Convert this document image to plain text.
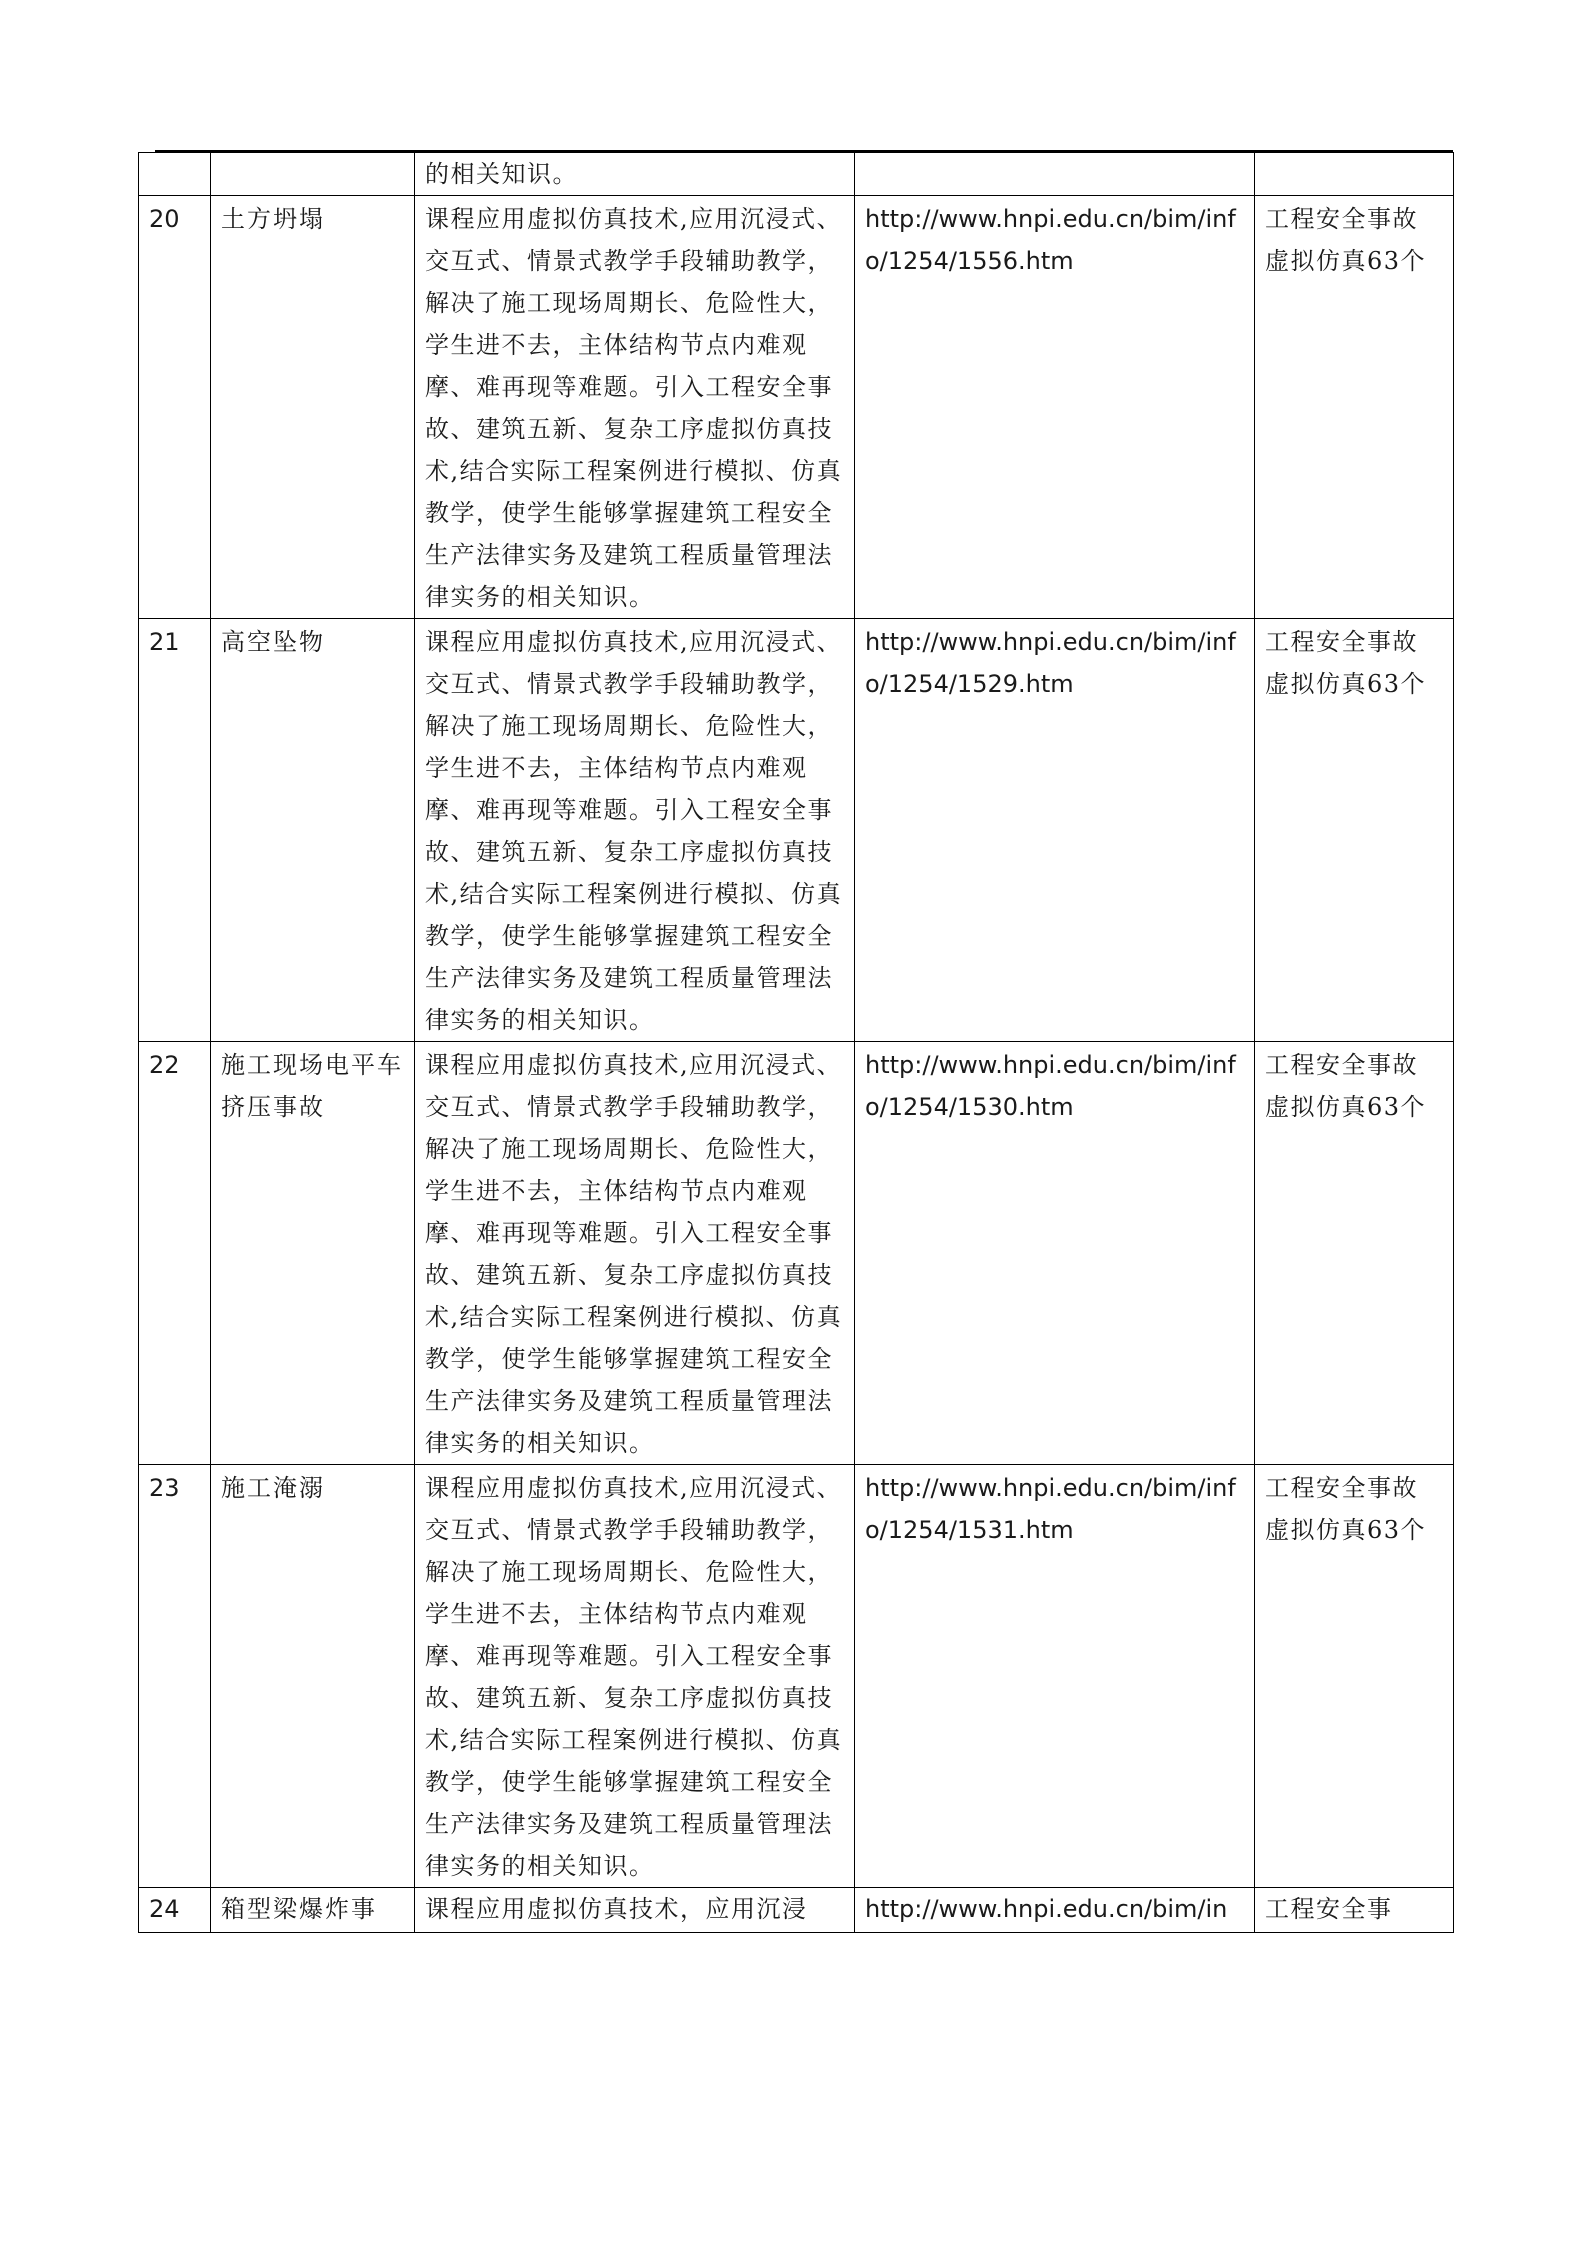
		的相关知识。		
20	土方坍塌	课程应用虚拟仿真技术,应用沉浸式、交互式、情景式教学手段辅助教学，解决了施工现场周期长、危险性大，学生进不去，主体结构节点内难观摩、难再现等难题。引入工程安全事故、建筑五新、复杂工序虚拟仿真技术,结合实际工程案例进行模拟、仿真教学，使学生能够掌握建筑工程安全生产法律实务及建筑工程质量管理法律实务的相关知识。	http://www.hnpi.edu.cn/bim/info/1254/1556.htm	工程安全事故虚拟仿真63个
21	高空坠物	课程应用虚拟仿真技术,应用沉浸式、交互式、情景式教学手段辅助教学，解决了施工现场周期长、危险性大，学生进不去，主体结构节点内难观摩、难再现等难题。引入工程安全事故、建筑五新、复杂工序虚拟仿真技术,结合实际工程案例进行模拟、仿真教学，使学生能够掌握建筑工程安全生产法律实务及建筑工程质量管理法律实务的相关知识。	http://www.hnpi.edu.cn/bim/info/1254/1529.htm	工程安全事故虚拟仿真63个
22	施工现场电平车挤压事故	课程应用虚拟仿真技术,应用沉浸式、交互式、情景式教学手段辅助教学，解决了施工现场周期长、危险性大，学生进不去，主体结构节点内难观摩、难再现等难题。引入工程安全事故、建筑五新、复杂工序虚拟仿真技术,结合实际工程案例进行模拟、仿真教学，使学生能够掌握建筑工程安全生产法律实务及建筑工程质量管理法律实务的相关知识。	http://www.hnpi.edu.cn/bim/info/1254/1530.htm	工程安全事故虚拟仿真63个
23	施工淹溺	课程应用虚拟仿真技术,应用沉浸式、交互式、情景式教学手段辅助教学，解决了施工现场周期长、危险性大，学生进不去，主体结构节点内难观摩、难再现等难题。引入工程安全事故、建筑五新、复杂工序虚拟仿真技术,结合实际工程案例进行模拟、仿真教学，使学生能够掌握建筑工程安全生产法律实务及建筑工程质量管理法律实务的相关知识。	http://www.hnpi.edu.cn/bim/info/1254/1531.htm	工程安全事故虚拟仿真63个
24	箱型梁爆炸事	课程应用虚拟仿真技术，应用沉浸	http://www.hnpi.edu.cn/bim/in	工程安全事
